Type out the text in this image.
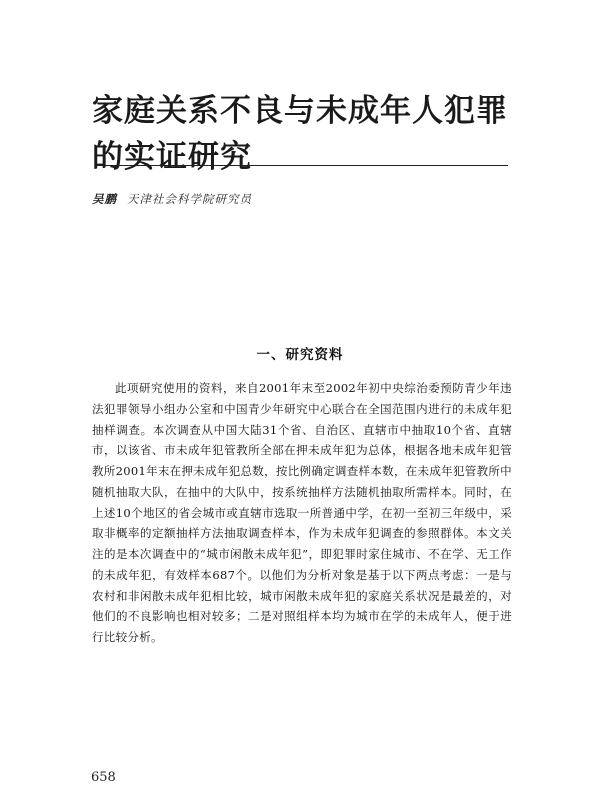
家庭关系不良与未成年人犯罪的实证研究
吴鹏 天津社会科学院研究员
一、研究资料

此项研究使用的资料，来自2001年末至2002年初中央综治委预防青少年违法犯罪领导小组办公室和中国青少年研究中心联合在全国范围内进行的未成年犯抽样调查。本次调查从中国大陆31个省、自治区、直辖市中抽取10个省、直辖市，以该省、市未成年犯管教所全部在押未成年犯为总体，根据各地未成年犯管教所2001年末在押未成年犯总数，按比例确定调查样本数，在未成年犯管教所中随机抽取大队，在抽中的大队中，按系统抽样方法随机抽取所需样本。同时，在上述10个地区的省会城市或直辖市选取一所普通中学，在初一至初三年级中，采取非概率的定额抽样方法抽取调查样本，作为未成年犯调查的参照群体。本文关注的是本次调查中的“城市闲散未成年犯”，即犯罪时家住城市、不在学、无工作的未成年犯，有效样本687个。以他们为分析对象是基于以下两点考虑：一是与农村和非闲散未成年犯相比较，城市闲散未成年犯的家庭关系状况是最差的，对他们的不良影响也相对较多；二是对照组样本均为城市在学的未成年人，便于进行比较分析。

658
